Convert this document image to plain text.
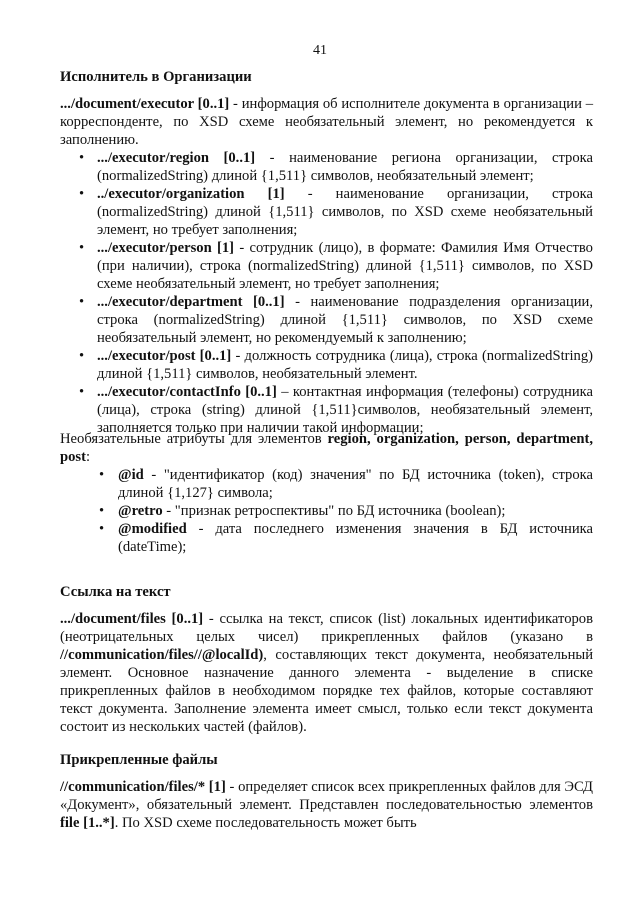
41
Исполнитель в Организации
.../document/executor [0..1] - информация об исполнителе документа в организации – корреспонденте, по XSD схеме необязательный элемент, но рекомендуется к заполнению.
• .../executor/region [0..1] - наименование региона организации, строка (normalizedString) длиной {1,511} символов, необязательный элемент;
• ../executor/organization [1] - наименование организации, строка (normalizedString) длиной {1,511} символов, по XSD схеме необязательный элемент, но требует заполнения;
• .../executor/person [1] - сотрудник (лицо), в формате: Фамилия Имя Отчество (при наличии), строка (normalizedString) длиной {1,511} символов, по XSD схеме необязательный элемент, но требует заполнения;
• .../executor/department [0..1] - наименование подразделения организации, строка (normalizedString) длиной {1,511} символов, по XSD схеме необязательный элемент, но рекомендуемый к заполнению;
• .../executor/post [0..1] - должность сотрудника (лица), строка (normalizedString) длиной {1,511} символов, необязательный элемент.
• .../executor/contactInfo [0..1] – контактная информация (телефоны) сотрудника (лица), строка (string) длиной {1,511}символов, необязательный элемент, заполняется только при наличии такой информации;
Необязательные атрибуты для элементов region, organization, person, department, post:
• @id - "идентификатор (код) значения" по БД источника (token), строка длиной {1,127} символа;
• @retro - "признак ретроспективы" по БД источника (boolean);
• @modified - дата последнего изменения значения в БД источника (dateTime);
Ссылка на текст
.../document/files [0..1] - ссылка на текст, список (list) локальных идентификаторов (неотрицательных целых чисел) прикрепленных файлов (указано в //communication/files//@localId), составляющих текст документа, необязательный элемент. Основное назначение данного элемента - выделение в списке прикрепленных файлов в необходимом порядке тех файлов, которые составляют текст документа. Заполнение элемента имеет смысл, только если текст документа состоит из нескольких частей (файлов).
Прикрепленные файлы
//communication/files/* [1] - определяет список всех прикрепленных файлов для ЭСД «Документ», обязательный элемент. Представлен последовательностью элементов file [1..*]. По XSD схеме последовательность может быть
